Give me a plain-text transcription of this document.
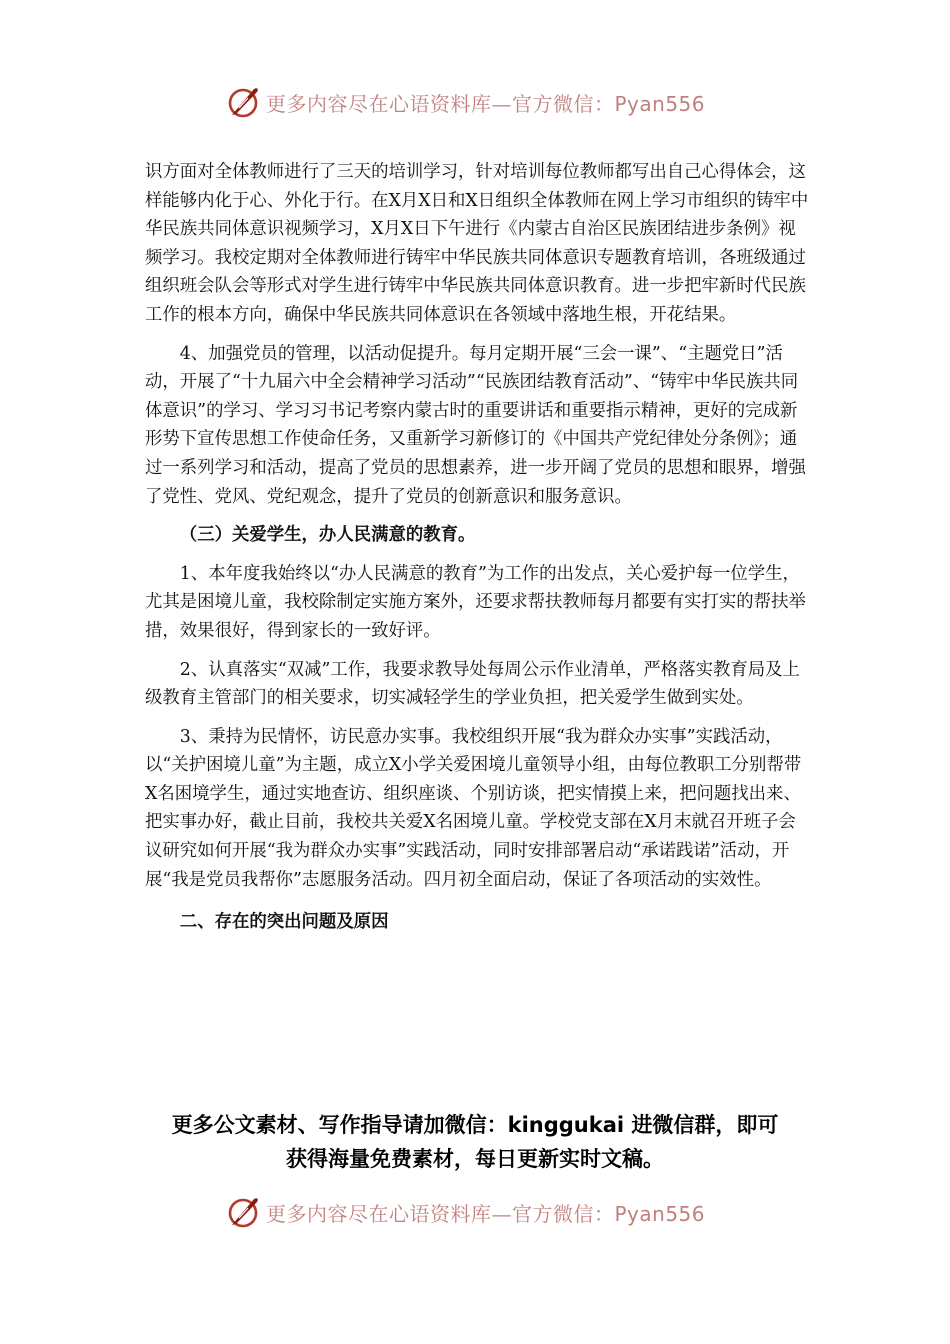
更多内容尽在心语资料库—官方微信：Pyan556

识方面对全体教师进行了三天的培训学习，针对培训每位教师都写出自己心得体会，这样能够内化于心、外化于行。在X月X日和X日组织全体教师在网上学习市组织的铸牢中华民族共同体意识视频学习，X月X日下午进行《内蒙古自治区民族团结进步条例》视频学习。我校定期对全体教师进行铸牢中华民族共同体意识专题教育培训，各班级通过组织班会队会等形式对学生进行铸牢中华民族共同体意识教育。进一步把牢新时代民族工作的根本方向，确保中华民族共同体意识在各领域中落地生根，开花结果。

4、加强党员的管理，以活动促提升。每月定期开展“三会一课”、“主题党日”活动，开展了“十九届六中全会精神学习活动”“民族团结教育活动”、“铸牢中华民族共同体意识”的学习、学习习书记考察内蒙古时的重要讲话和重要指示精神，更好的完成新形势下宣传思想工作使命任务，又重新学习新修订的《中国共产党纪律处分条例》；通过一系列学习和活动，提高了党员的思想素养，进一步开阔了党员的思想和眼界，增强了党性、党风、党纪观念，提升了党员的创新意识和服务意识。

（三）关爱学生，办人民满意的教育。

1、本年度我始终以“办人民满意的教育”为工作的出发点，关心爱护每一位学生，尤其是困境儿童，我校除制定实施方案外，还要求帮扶教师每月都要有实打实的帮扶举措，效果很好，得到家长的一致好评。

2、认真落实“双减”工作，我要求教导处每周公示作业清单，严格落实教育局及上级教育主管部门的相关要求，切实减轻学生的学业负担，把关爱学生做到实处。

3、秉持为民情怀，访民意办实事。我校组织开展“我为群众办实事”实践活动，以“关护困境儿童”为主题，成立X小学关爱困境儿童领导小组，由每位教职工分别帮带X名困境学生，通过实地查访、组织座谈、个别访谈，把实情摸上来，把问题找出来、把实事办好，截止目前，我校共关爱X名困境儿童。学校党支部在X月末就召开班子会议研究如何开展“我为群众办实事”实践活动，同时安排部署启动“承诺践诺”活动，开展“我是党员我帮你”志愿服务活动。四月初全面启动，保证了各项活动的实效性。

二、存在的突出问题及原因

更多公文素材、写作指导请加微信：kinggukai 进微信群，即可
获得海量免费素材，每日更新实时文稿。
更多内容尽在心语资料库—官方微信：Pyan556
